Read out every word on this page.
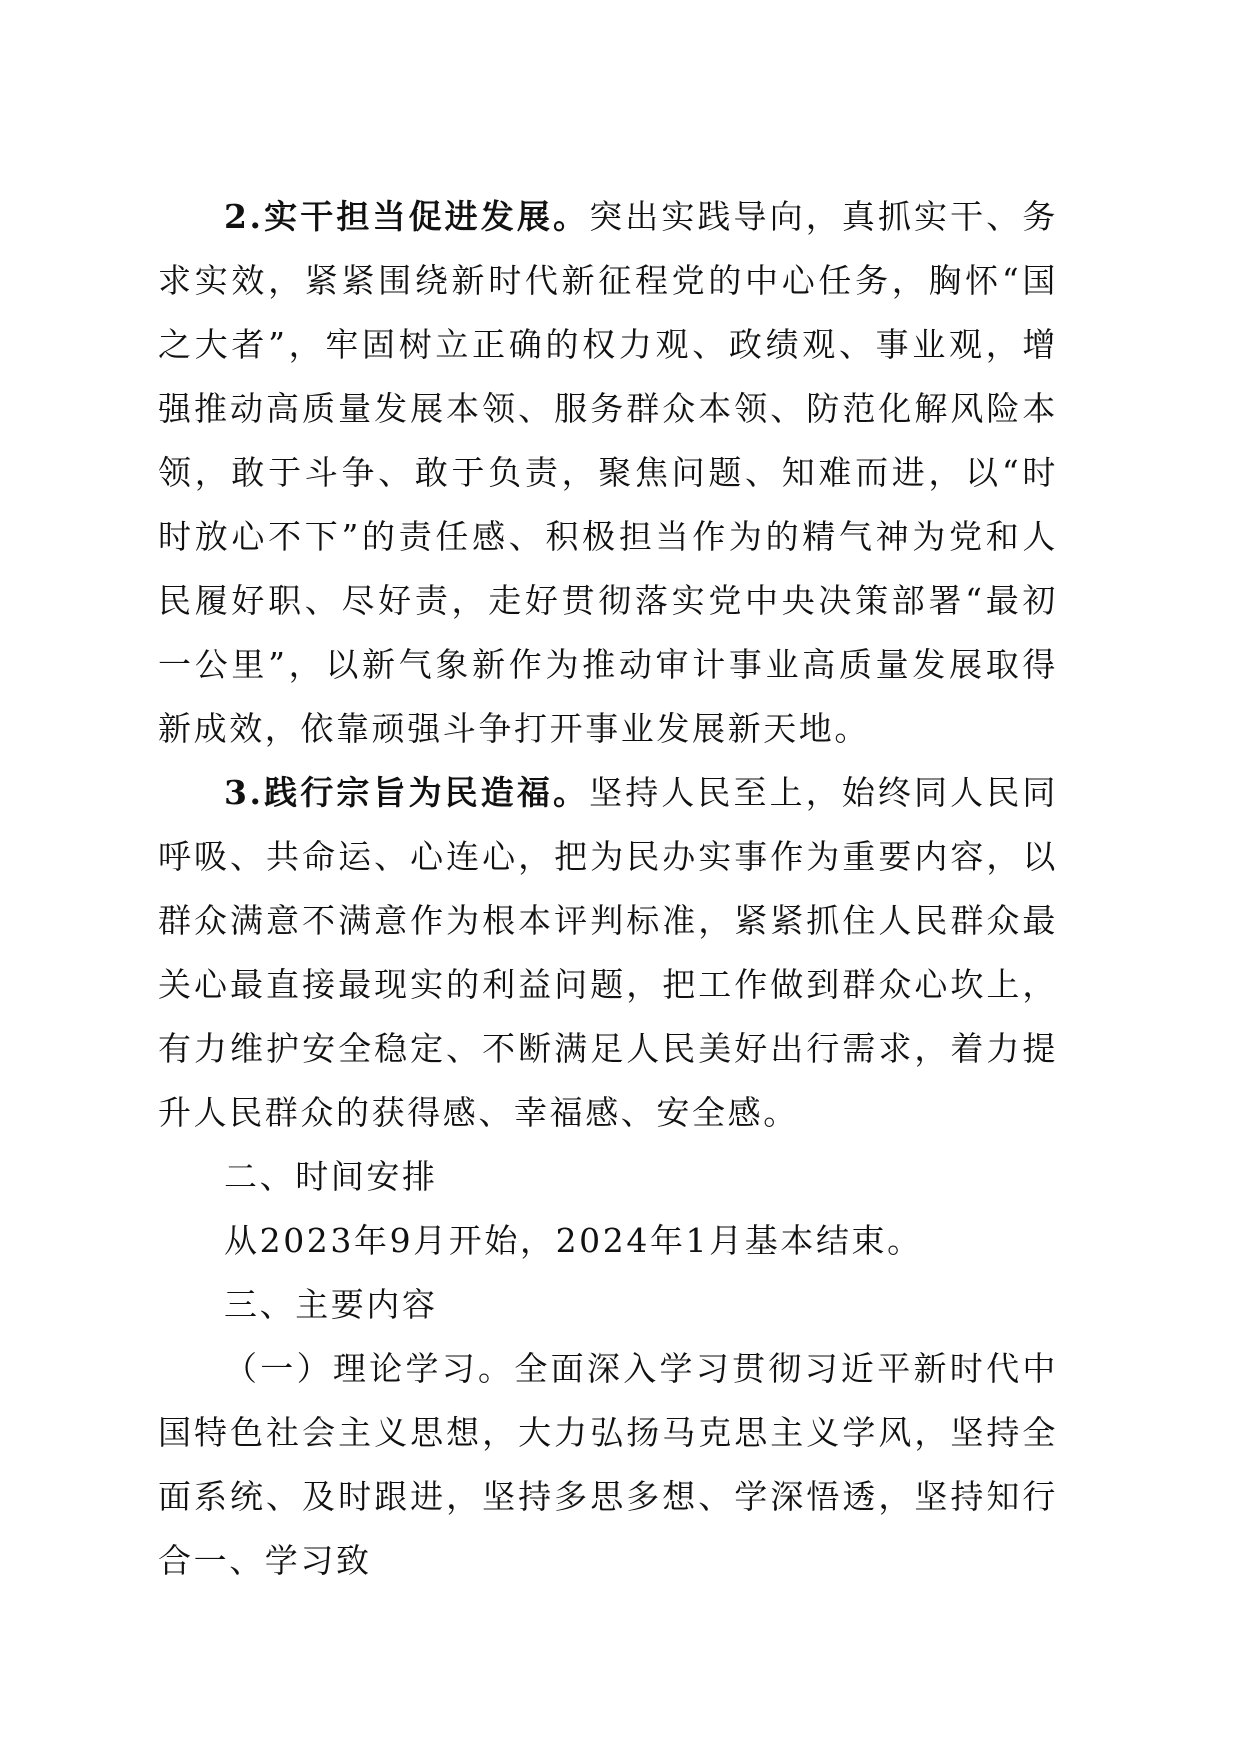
2.实干担当促进发展。突出实践导向，真抓实干、务求实效，紧紧围绕新时代新征程党的中心任务，胸怀“国之大者”，牢固树立正确的权力观、政绩观、事业观，增强推动高质量发展本领、服务群众本领、防范化解风险本领，敢于斗争、敢于负责，聚焦问题、知难而进，以“时时放心不下”的责任感、积极担当作为的精气神为党和人民履好职、尽好责，走好贯彻落实党中央决策部署“最初一公里”，以新气象新作为推动审计事业高质量发展取得新成效，依靠顽强斗争打开事业发展新天地。

3.践行宗旨为民造福。坚持人民至上，始终同人民同呼吸、共命运、心连心，把为民办实事作为重要内容，以群众满意不满意作为根本评判标准，紧紧抓住人民群众最关心最直接最现实的利益问题，把工作做到群众心坎上，有力维护安全稳定、不断满足人民美好出行需求，着力提升人民群众的获得感、幸福感、安全感。

二、时间安排

从2023年9月开始，2024年1月基本结束。

三、主要内容

（一）理论学习。全面深入学习贯彻习近平新时代中国特色社会主义思想，大力弘扬马克思主义学风，坚持全面系统、及时跟进，坚持多思多想、学深悟透，坚持知行合一、学习致
